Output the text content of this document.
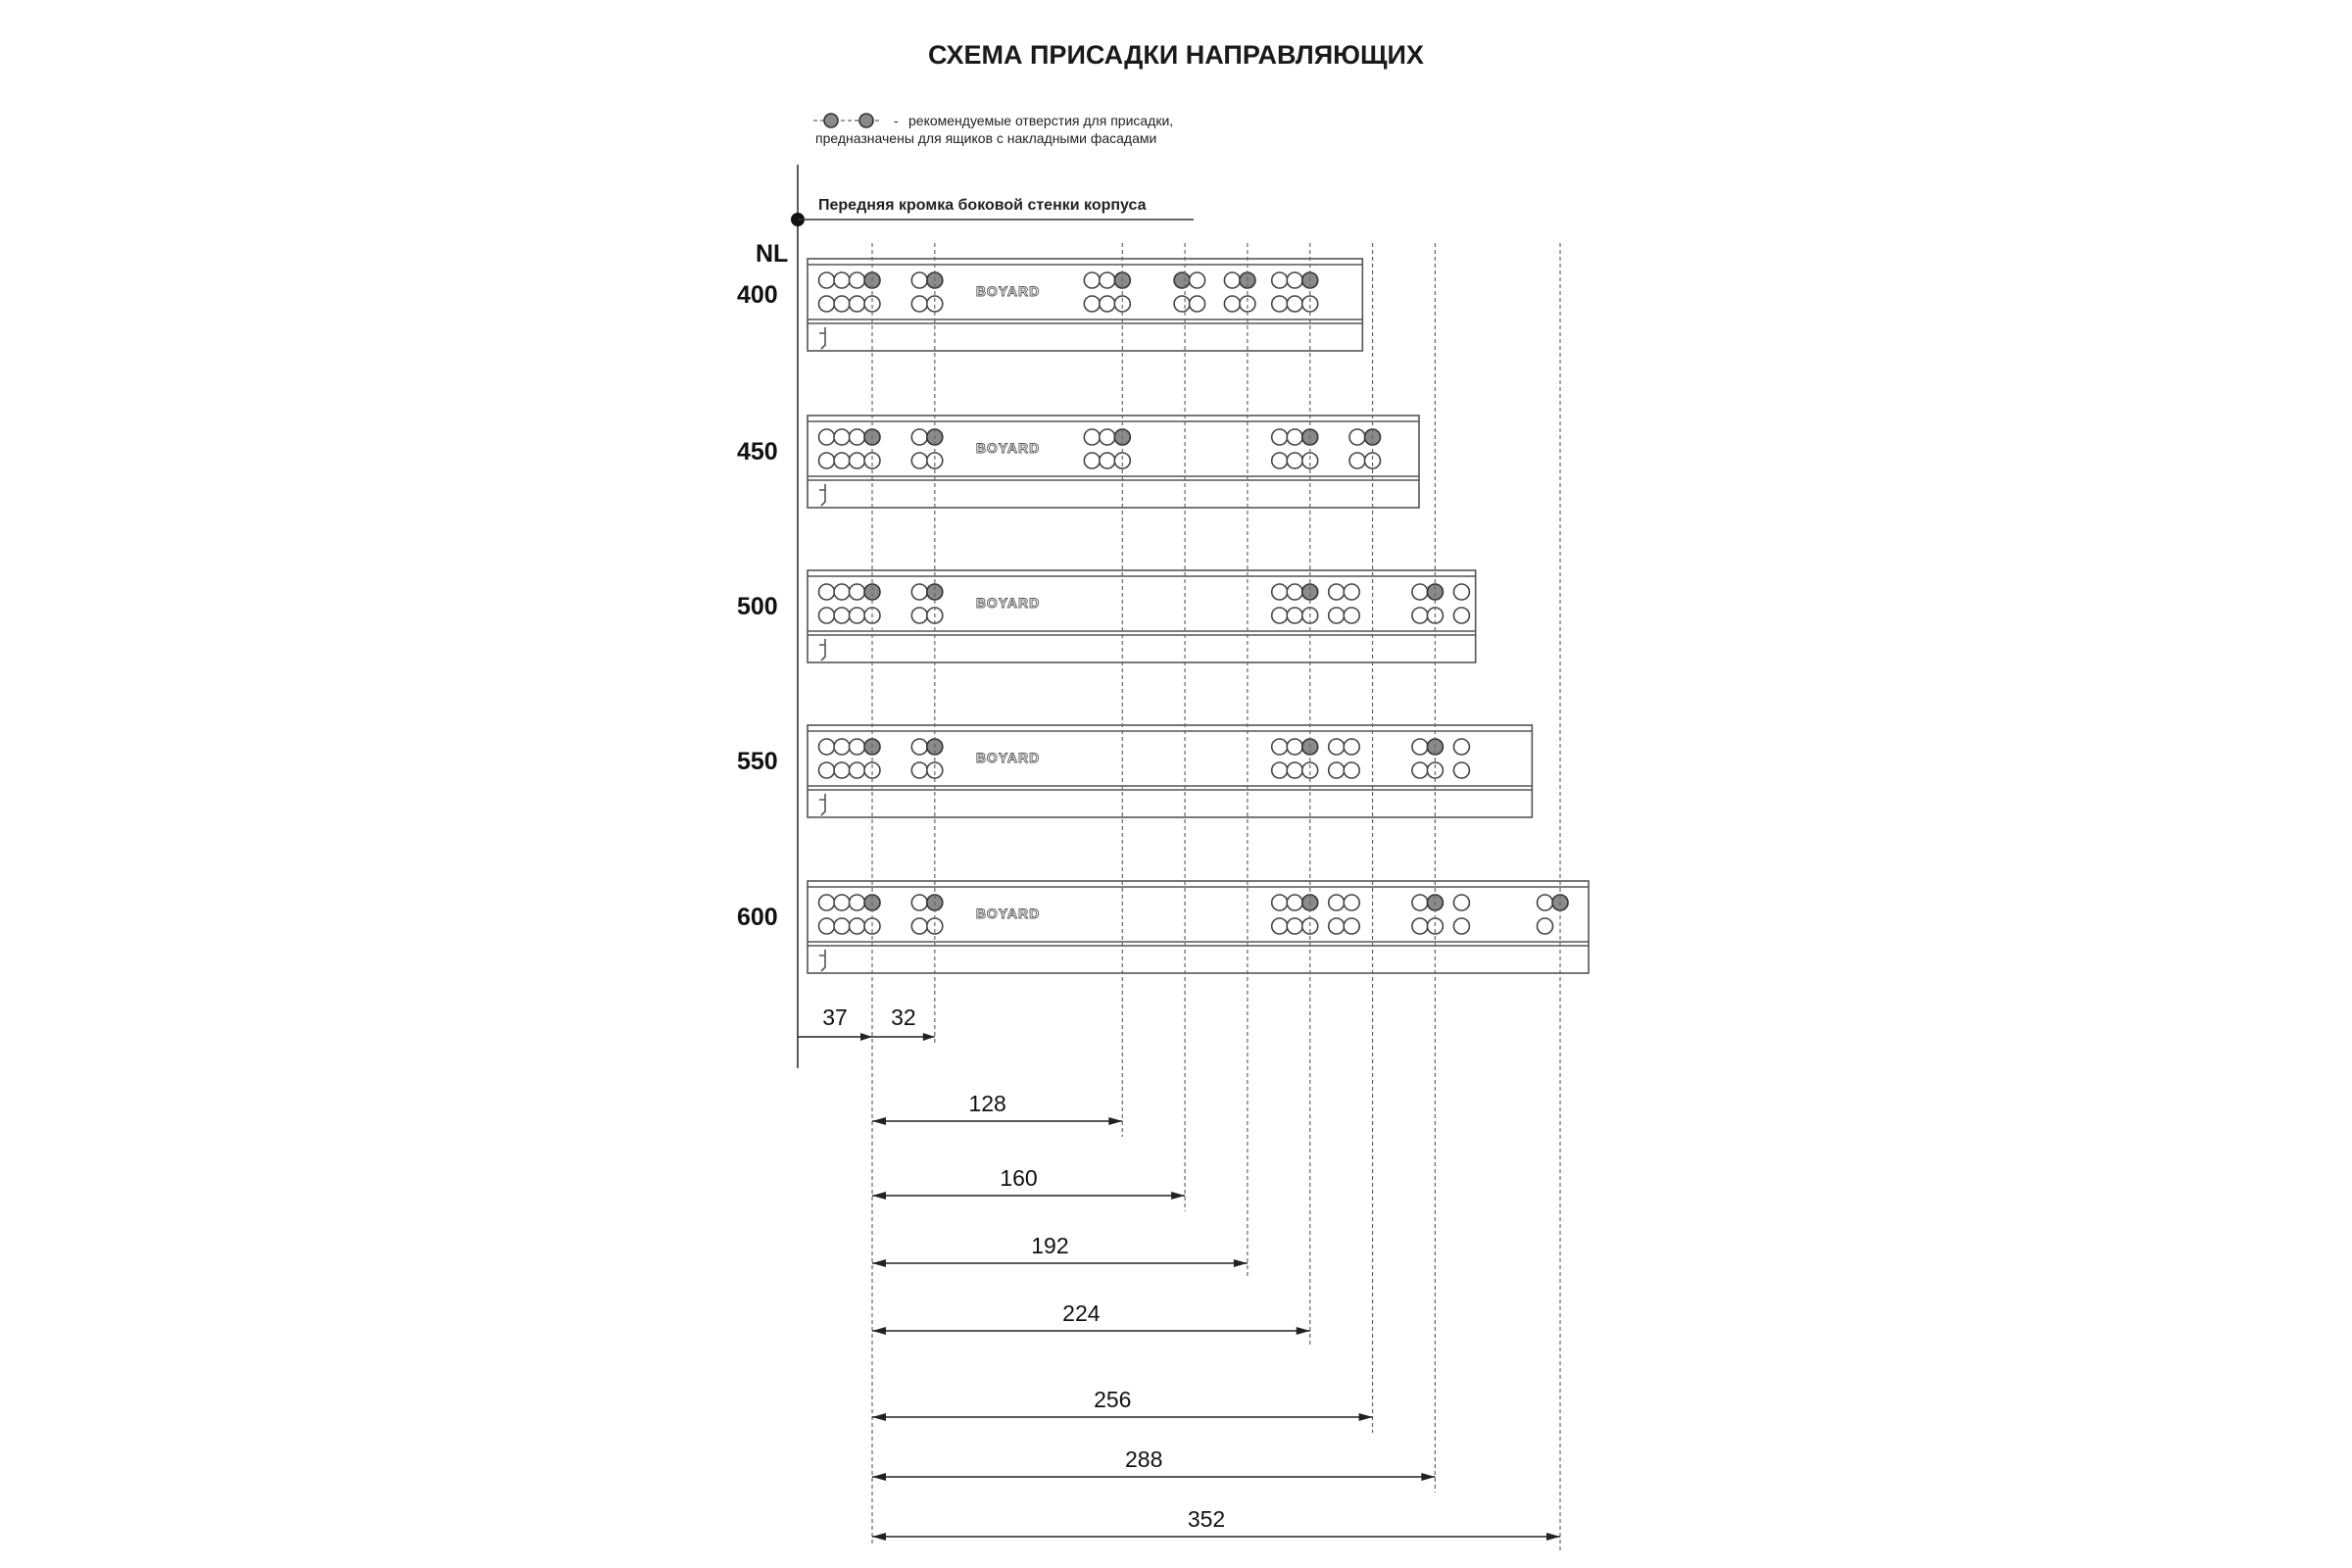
СХЕМА ПРИСАДКИ НАПРАВЛЯЮЩИХ
- рекомендуемые отверстия для присадки,
предназначены для ящиков с накладными фасадами
Передняя кромка боковой стенки корпуса
NL
400	BOYARD
450	BOYARD
500	BOYARD
550	BOYARD
600	BOYARD
128
160
192
224
256
288
352
37 32
